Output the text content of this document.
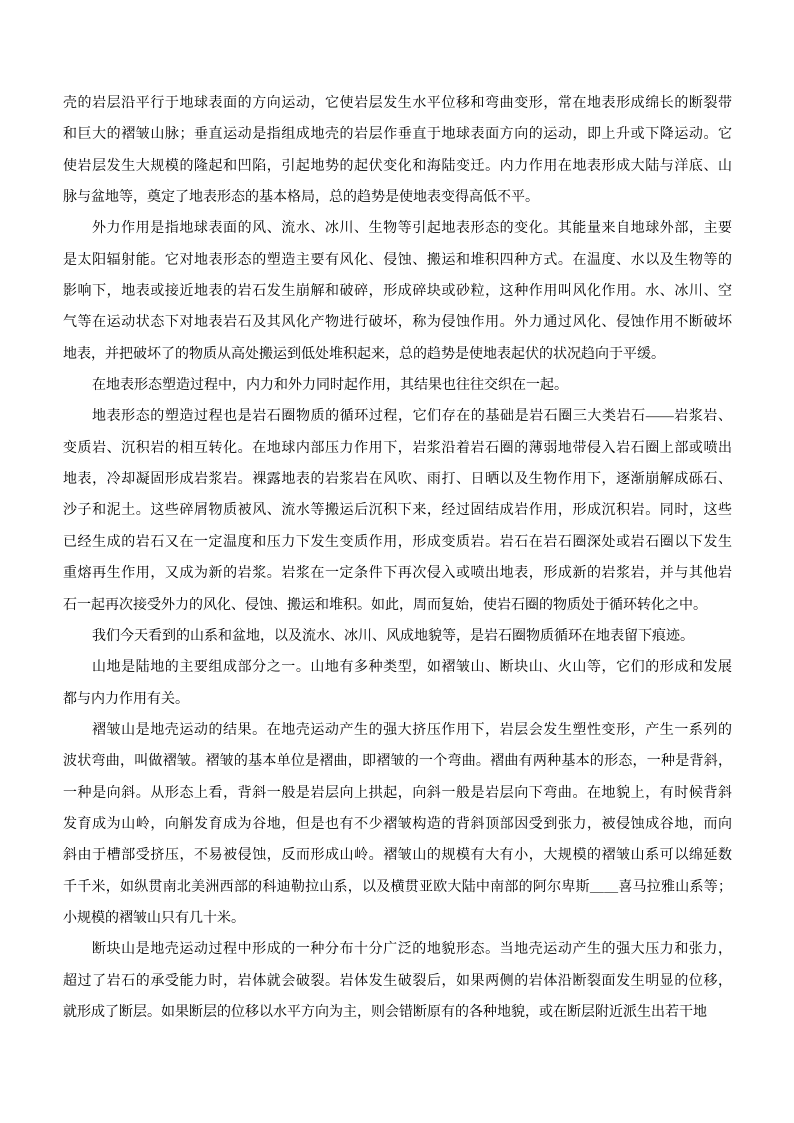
壳的岩层沿平行于地球表面的方向运动，它使岩层发生水平位移和弯曲变形，常在地表形成绵长的断裂带
和巨大的褶皱山脉；垂直运动是指组成地壳的岩层作垂直于地球表面方向的运动，即上升或下降运动。它
使岩层发生大规模的隆起和凹陷，引起地势的起伏变化和海陆变迁。内力作用在地表形成大陆与洋底、山
脉与盆地等，奠定了地表形态的基本格局，总的趋势是使地表变得高低不平。
外力作用是指地球表面的风、流水、冰川、生物等引起地表形态的变化。其能量来自地球外部，主要
是太阳辐射能。它对地表形态的塑造主要有风化、侵蚀、搬运和堆积四种方式。在温度、水以及生物等的
影响下，地表或接近地表的岩石发生崩解和破碎，形成碎块或砂粒，这种作用叫风化作用。水、冰川、空
气等在运动状态下对地表岩石及其风化产物进行破坏，称为侵蚀作用。外力通过风化、侵蚀作用不断破坏
地表，并把破坏了的物质从高处搬运到低处堆积起来，总的趋势是使地表起伏的状况趋向于平缓。
在地表形态塑造过程中，内力和外力同时起作用，其结果也往往交织在一起。
地表形态的塑造过程也是岩石圈物质的循环过程，它们存在的基础是岩石圈三大类岩石——岩浆岩、
变质岩、沉积岩的相互转化。在地球内部压力作用下，岩浆沿着岩石圈的薄弱地带侵入岩石圈上部或喷出
地表，冷却凝固形成岩浆岩。裸露地表的岩浆岩在风吹、雨打、日晒以及生物作用下，逐渐崩解成砾石、
沙子和泥土。这些碎屑物质被风、流水等搬运后沉积下来，经过固结成岩作用，形成沉积岩。同时，这些
已经生成的岩石又在一定温度和压力下发生变质作用，形成变质岩。岩石在岩石圈深处或岩石圈以下发生
重熔再生作用，又成为新的岩浆。岩浆在一定条件下再次侵入或喷出地表，形成新的岩浆岩，并与其他岩
石一起再次接受外力的风化、侵蚀、搬运和堆积。如此，周而复始，使岩石圈的物质处于循环转化之中。
我们今天看到的山系和盆地，以及流水、冰川、风成地貌等，是岩石圈物质循环在地表留下痕迹。
山地是陆地的主要组成部分之一。山地有多种类型，如褶皱山、断块山、火山等，它们的形成和发展
都与内力作用有关。
褶皱山是地壳运动的结果。在地壳运动产生的强大挤压作用下，岩层会发生塑性变形，产生一系列的
波状弯曲，叫做褶皱。褶皱的基本单位是褶曲，即褶皱的一个弯曲。褶曲有两种基本的形态，一种是背斜，
一种是向斜。从形态上看，背斜一般是岩层向上拱起，向斜一般是岩层向下弯曲。在地貌上，有时候背斜
发育成为山岭，向斛发育成为谷地，但是也有不少褶皱构造的背斜顶部因受到张力，被侵蚀成谷地，而向
斜由于槽部受挤压，不易被侵蚀，反而形成山岭。褶皱山的规模有大有小，大规模的褶皱山系可以绵延数
千千米，如纵贯南北美洲西部的科迪勒拉山系，以及横贯亚欧大陆中南部的阿尔卑斯＿＿喜马拉雅山系等；
小规模的褶皱山只有几十米。
断块山是地壳运动过程中形成的一种分布十分广泛的地貌形态。当地壳运动产生的强大压力和张力，
超过了岩石的承受能力时，岩体就会破裂。岩体发生破裂后，如果两侧的岩体沿断裂面发生明显的位移，
就形成了断层。如果断层的位移以水平方向为主，则会错断原有的各种地貌，或在断层附近派生出若干地
